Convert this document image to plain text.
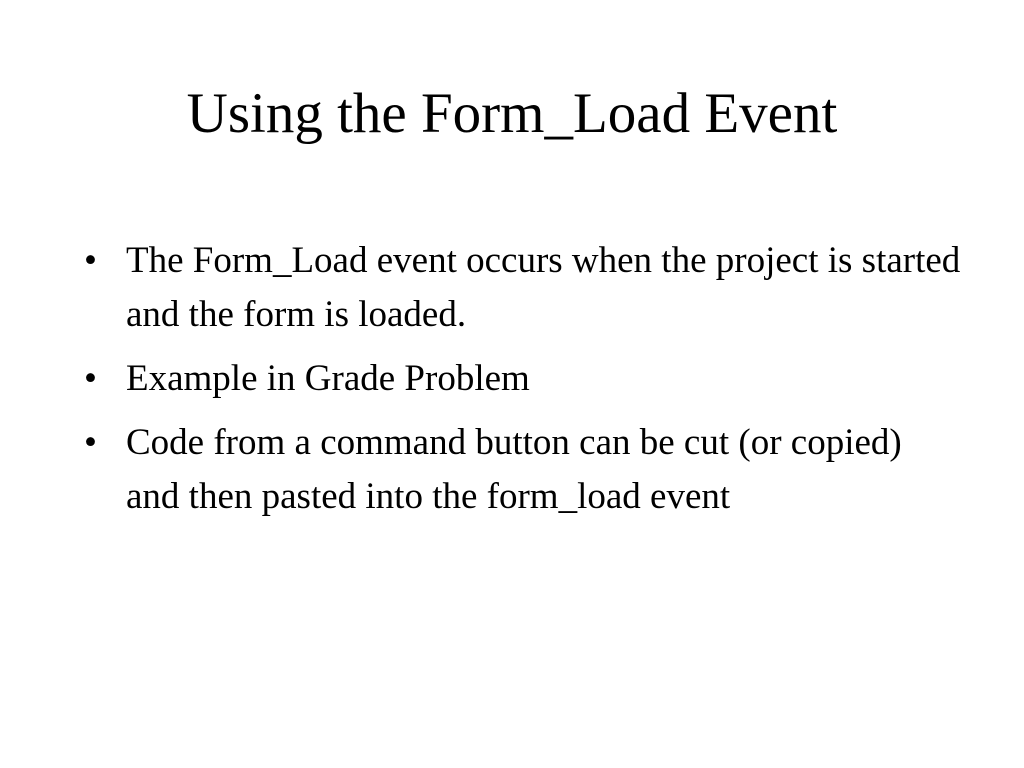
Using the Form_Load Event
• The Form_Load event occurs when the project is started and the form is loaded.
• Example in Grade Problem
• Code from a command button can be cut (or copied) and then pasted into the form_load event
